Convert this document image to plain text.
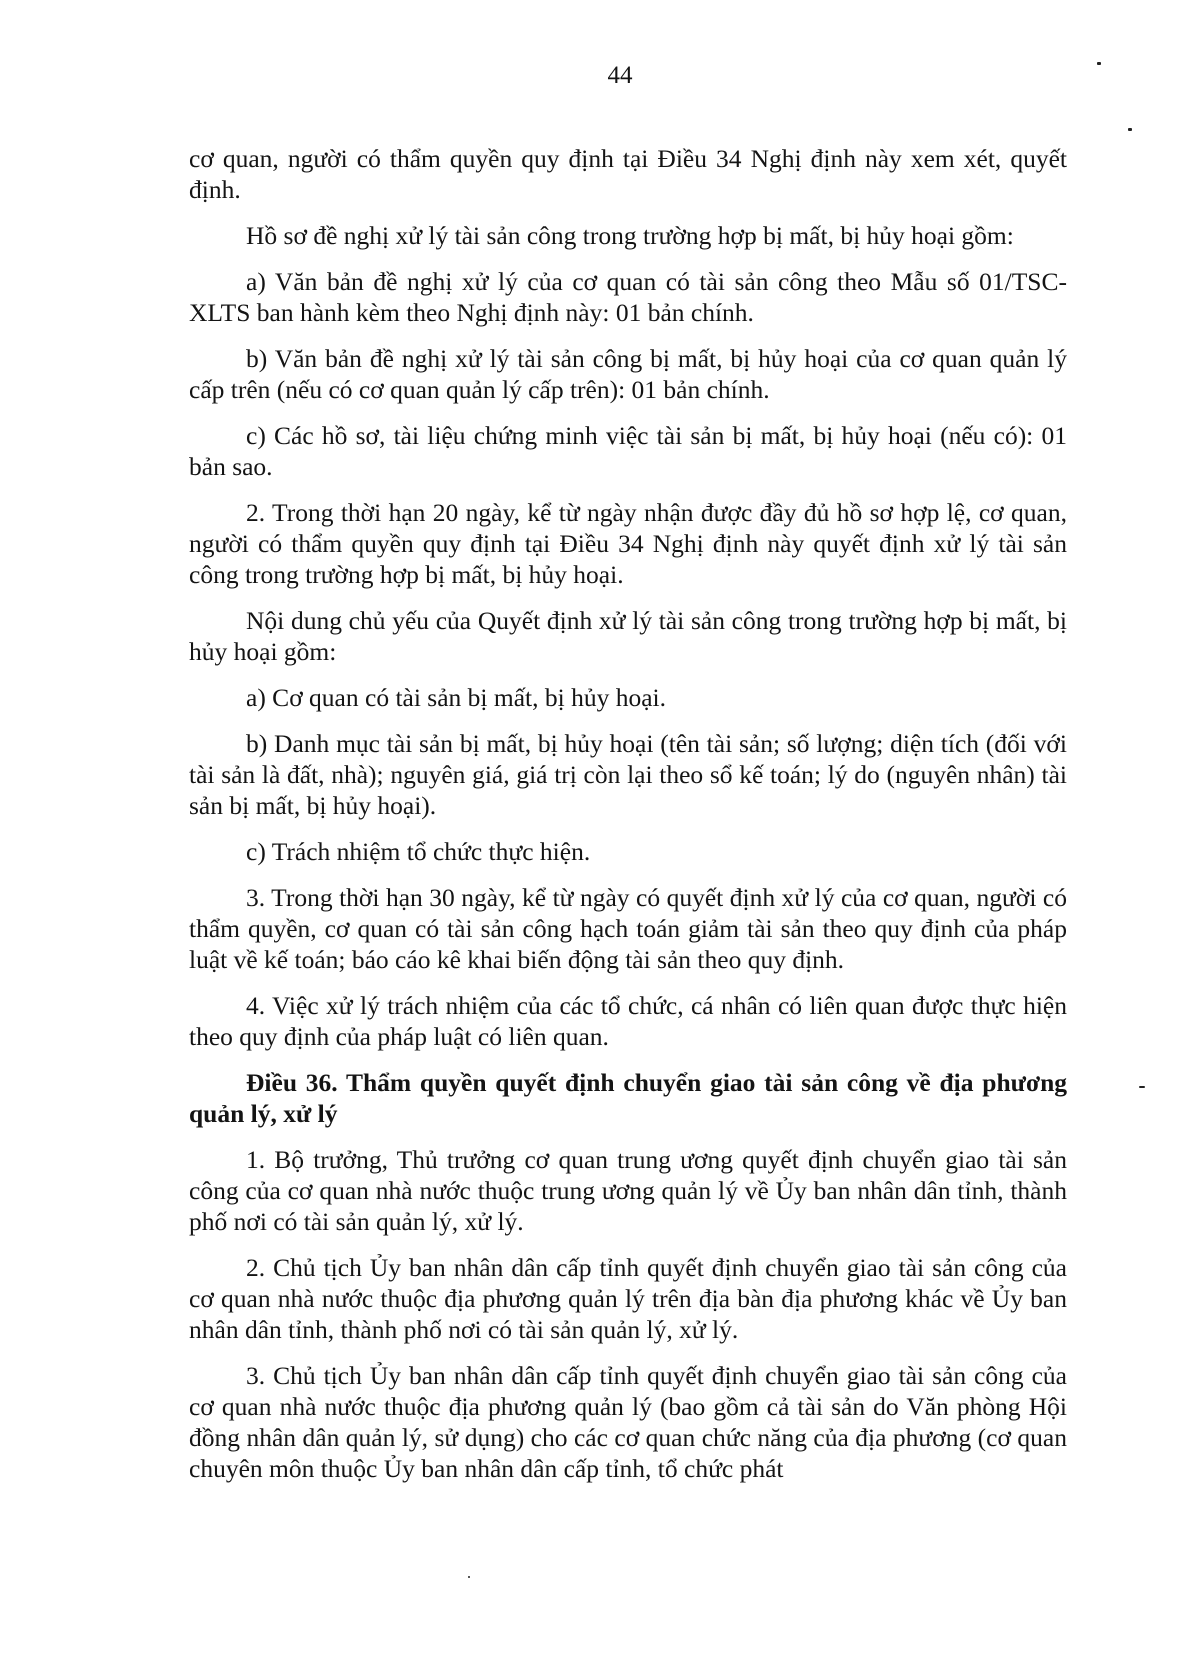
44

cơ quan, người có thẩm quyền quy định tại Điều 34 Nghị định này xem xét, quyết định.

Hồ sơ đề nghị xử lý tài sản công trong trường hợp bị mất, bị hủy hoại gồm:

a) Văn bản đề nghị xử lý của cơ quan có tài sản công theo Mẫu số 01/TSC-XLTS ban hành kèm theo Nghị định này: 01 bản chính.

b) Văn bản đề nghị xử lý tài sản công bị mất, bị hủy hoại của cơ quan quản lý cấp trên (nếu có cơ quan quản lý cấp trên): 01 bản chính.

c) Các hồ sơ, tài liệu chứng minh việc tài sản bị mất, bị hủy hoại (nếu có): 01 bản sao.

2. Trong thời hạn 20 ngày, kể từ ngày nhận được đầy đủ hồ sơ hợp lệ, cơ quan, người có thẩm quyền quy định tại Điều 34 Nghị định này quyết định xử lý tài sản công trong trường hợp bị mất, bị hủy hoại.

Nội dung chủ yếu của Quyết định xử lý tài sản công trong trường hợp bị mất, bị hủy hoại gồm:

a) Cơ quan có tài sản bị mất, bị hủy hoại.

b) Danh mục tài sản bị mất, bị hủy hoại (tên tài sản; số lượng; diện tích (đối với tài sản là đất, nhà); nguyên giá, giá trị còn lại theo sổ kế toán; lý do (nguyên nhân) tài sản bị mất, bị hủy hoại).

c) Trách nhiệm tổ chức thực hiện.

3. Trong thời hạn 30 ngày, kể từ ngày có quyết định xử lý của cơ quan, người có thẩm quyền, cơ quan có tài sản công hạch toán giảm tài sản theo quy định của pháp luật về kế toán; báo cáo kê khai biến động tài sản theo quy định.

4. Việc xử lý trách nhiệm của các tổ chức, cá nhân có liên quan được thực hiện theo quy định của pháp luật có liên quan.

Điều 36. Thẩm quyền quyết định chuyển giao tài sản công về địa phương quản lý, xử lý

1. Bộ trưởng, Thủ trưởng cơ quan trung ương quyết định chuyển giao tài sản công của cơ quan nhà nước thuộc trung ương quản lý về Ủy ban nhân dân tỉnh, thành phố nơi có tài sản quản lý, xử lý.

2. Chủ tịch Ủy ban nhân dân cấp tỉnh quyết định chuyển giao tài sản công của cơ quan nhà nước thuộc địa phương quản lý trên địa bàn địa phương khác về Ủy ban nhân dân tỉnh, thành phố nơi có tài sản quản lý, xử lý.

3. Chủ tịch Ủy ban nhân dân cấp tỉnh quyết định chuyển giao tài sản công của cơ quan nhà nước thuộc địa phương quản lý (bao gồm cả tài sản do Văn phòng Hội đồng nhân dân quản lý, sử dụng) cho các cơ quan chức năng của địa phương (cơ quan chuyên môn thuộc Ủy ban nhân dân cấp tỉnh, tổ chức phát
